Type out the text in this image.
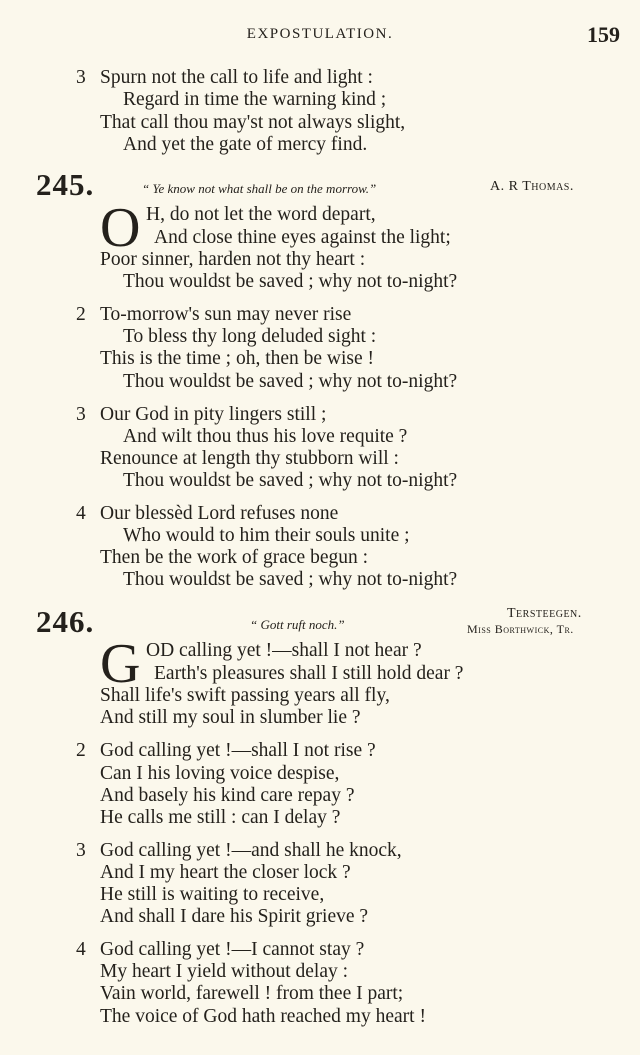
EXPOSTULATION.	159
3 Spurn not the call to life and light :
Regard in time the warning kind ;
That call thou may'st not always slight,
And yet the gate of mercy find.
245.	“ Ye know not what shall be on the morrow.”	A. R Thomas.
O H, do not let the word depart,
And close thine eyes against the light;
Poor sinner, harden not thy heart :
Thou wouldst be saved ; why not to-night?
2 To-morrow's sun may never rise
To bless thy long deluded sight :
This is the time ; oh, then be wise !
Thou wouldst be saved ; why not to-night?
3 Our God in pity lingers still ;
And wilt thou thus his love requite ?
Renounce at length thy stubborn will :
Thou wouldst be saved ; why not to-night?
4 Our blessèd Lord refuses none
Who would to him their souls unite ;
Then be the work of grace begun :
Thou wouldst be saved ; why not to-night?
246.	“ Gott ruft noch.”
Tersteegen.
Miss Borthwick, Tr.
G OD calling yet !—shall I not hear ?
Earth's pleasures shall I still hold dear ?
Shall life's swift passing years all fly,
And still my soul in slumber lie ?
2 God calling yet !—shall I not rise ?
Can I his loving voice despise,
And basely his kind care repay ?
He calls me still : can I delay ?
3 God calling yet !—and shall he knock,
And I my heart the closer lock ?
He still is waiting to receive,
And shall I dare his Spirit grieve ?
4 God calling yet !—I cannot stay ?
My heart I yield without delay :
Vain world, farewell ! from thee I part;
The voice of God hath reached my heart !
